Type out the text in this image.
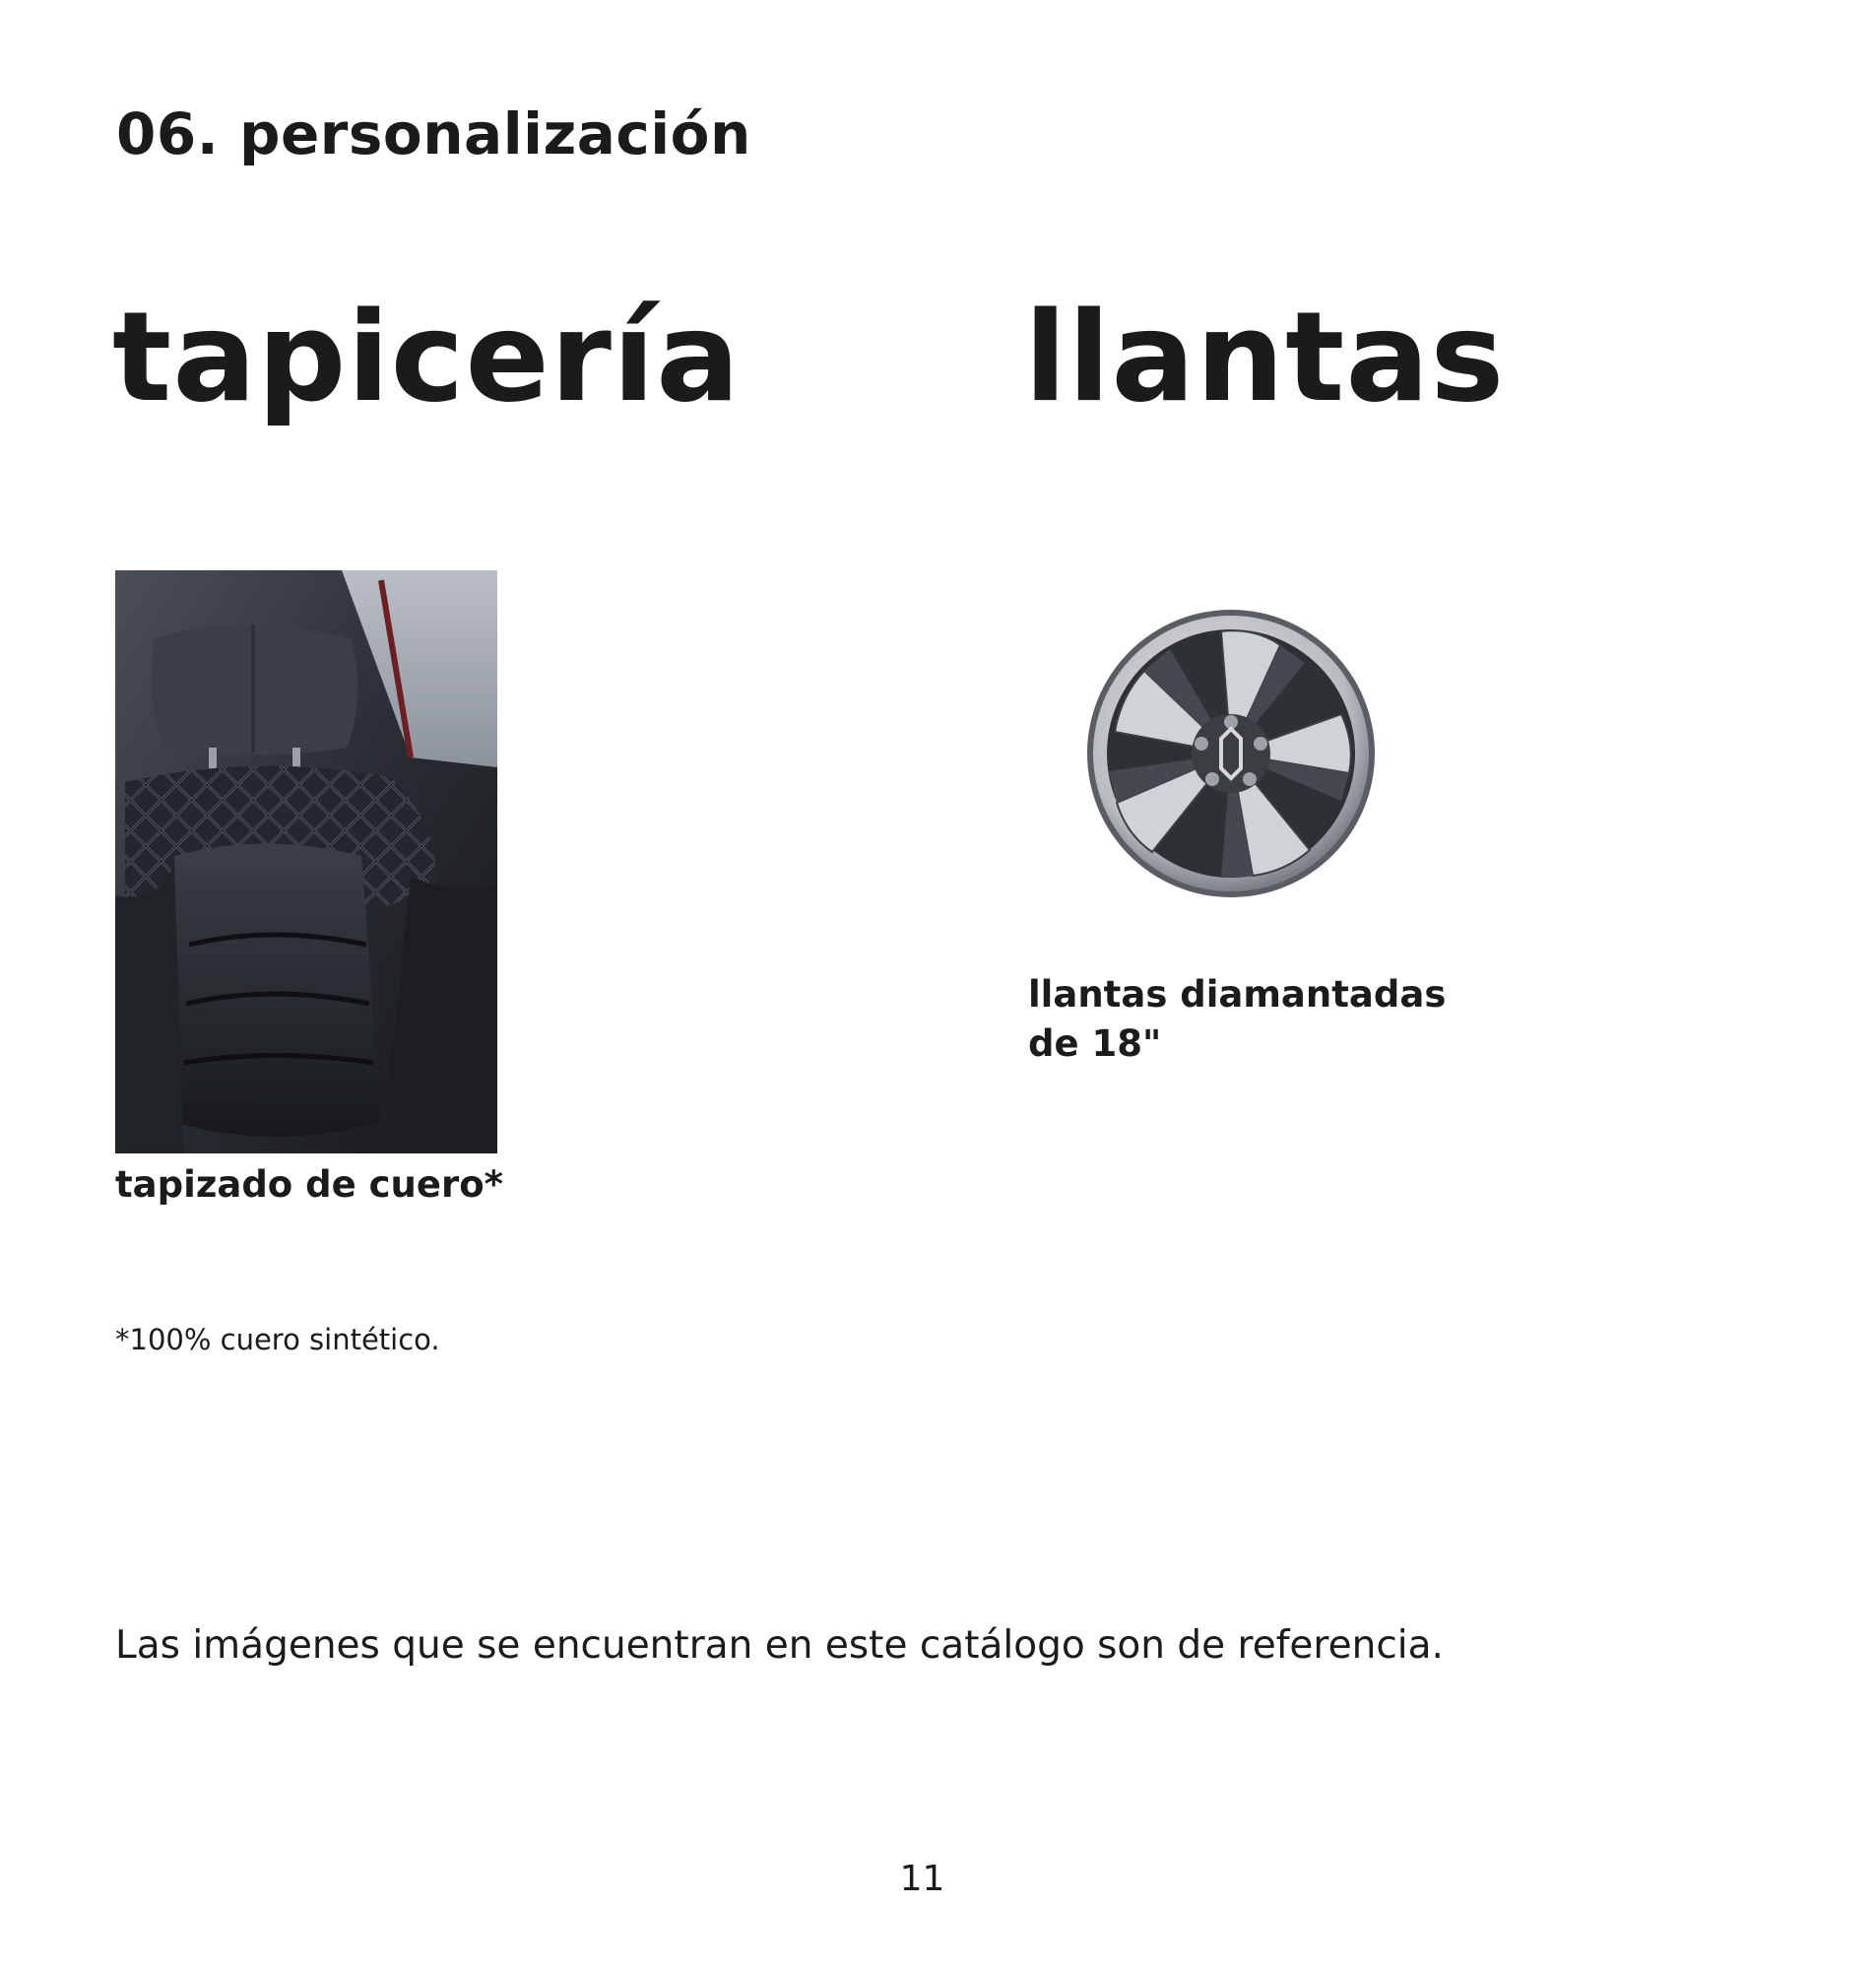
06. personalización
tapicería llantas

tapizado de cuero*

llantas diamantadas
de 18"

*100% cuero sintético.

Las imágenes que se encuentran en este catálogo son de referencia.

11
